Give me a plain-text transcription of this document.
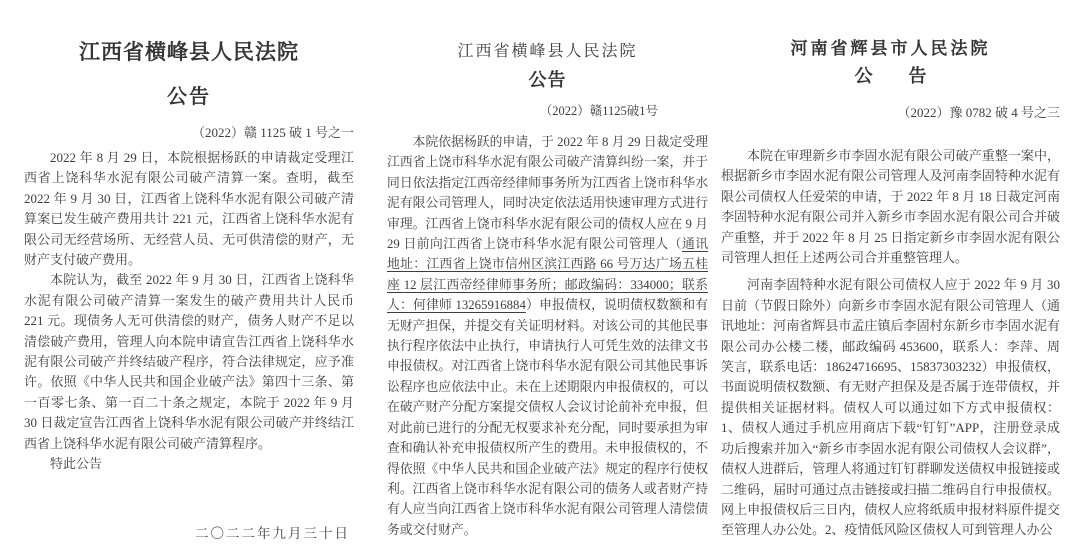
江西省横峰县人民法院
公告
（2022）赣 1125 破 1 号之一

2022 年 8 月 29 日，本院根据杨跃的申请裁定受理江西省上饶科华水泥有限公司破产清算一案。查明，截至 2022 年 9 月 30 日，江西省上饶科华水泥有限公司破产清算案已发生破产费用共计 221 元，江西省上饶科华水泥有限公司无经营场所、无经营人员、无可供清偿的财产，无财产支付破产费用。

本院认为，截至 2022 年 9 月 30 日，江西省上饶科华水泥有限公司破产清算一案发生的破产费用共计人民币 221 元。现债务人无可供清偿的财产，债务人财产不足以清偿破产费用，管理人向本院申请宣告江西省上饶科华水泥有限公司破产并终结破产程序，符合法律规定，应予准许。依照《中华人民共和国企业破产法》第四十三条、第一百零七条、第一百二十条之规定，本院于 2022 年 9 月 30 日裁定宣告江西省上饶科华水泥有限公司破产并终结江西省上饶科华水泥有限公司破产清算程序。

特此公告

二〇二二年九月三十日
江西省横峰县人民法院
公告
（2022）赣1125破1号

本院依据杨跃的申请，于 2022 年 8 月 29 日裁定受理江西省上饶市科华水泥有限公司破产清算纠纷一案，并于同日依法指定江西帝经律师事务所为江西省上饶市科华水泥有限公司管理人，同时决定依法适用快速审理方式进行审理。江西省上饶市科华水泥有限公司的债权人应在 9 月 29 日前向江西省上饶市科华水泥有限公司管理人（通讯地址：江西省上饶市信州区滨江西路 66 号万达广场五桂座 12 层江西帝经律师事务所；邮政编码：334000；联系人：何律师 13265916884）申报债权，说明债权数额和有无财产担保，并提交有关证明材料。对该公司的其他民事执行程序依法中止执行，申请执行人可凭生效的法律文书申报债权。对江西省上饶市科华水泥有限公司其他民事诉讼程序也应依法中止。未在上述期限内申报债权的，可以在破产财产分配方案提交债权人会议讨论前补充申报，但对此前已进行的分配无权要求补充分配，同时要承担为审查和确认补充申报债权所产生的费用。未申报债权的，不得依照《中华人民共和国企业破产法》规定的程序行使权利。江西省上饶市科华水泥有限公司的债务人或者财产持有人应当向江西省上饶市科华水泥有限公司管理人清偿债务或交付财产。

河南省辉县市人民法院
公　　告
（2022）豫 0782 破 4 号之三

本院在审理新乡市李固水泥有限公司破产重整一案中，根据新乡市李固水泥有限公司管理人及河南李固特种水泥有限公司债权人任爱荣的申请，于 2022 年 8 月 18 日裁定河南李固特种水泥有限公司并入新乡市李固水泥有限公司合并破产重整，并于 2022 年 8 月 25 日指定新乡市李固水泥有限公司管理人担任上述两公司合并重整管理人。

河南李固特种水泥有限公司债权人应于 2022 年 9 月 30 日前（节假日除外）向新乡市李固水泥有限公司管理人（通讯地址：河南省辉县市孟庄镇后李固村东新乡市李固水泥有限公司办公楼二楼，邮政编码 453600，联系人：李萍、周笑言，联系电话：18624716695、15837303232）申报债权，书面说明债权数额、有无财产担保及是否属于连带债权，并提供相关证据材料。债权人可以通过如下方式申报债权：1、债权人通过手机应用商店下载“钉钉”APP，注册登录成功后搜索并加入“新乡市李固水泥有限公司债权人会议群”，债权人进群后，管理人将通过钉钉群聊发送债权申报链接或二维码，届时可通过点击链接或扫描二维码自行申报债权。网上申报债权后三日内，债权人应将纸质申报材料原件提交至管理人办公处。2、疫情低风险区债权人可到管理人办公
